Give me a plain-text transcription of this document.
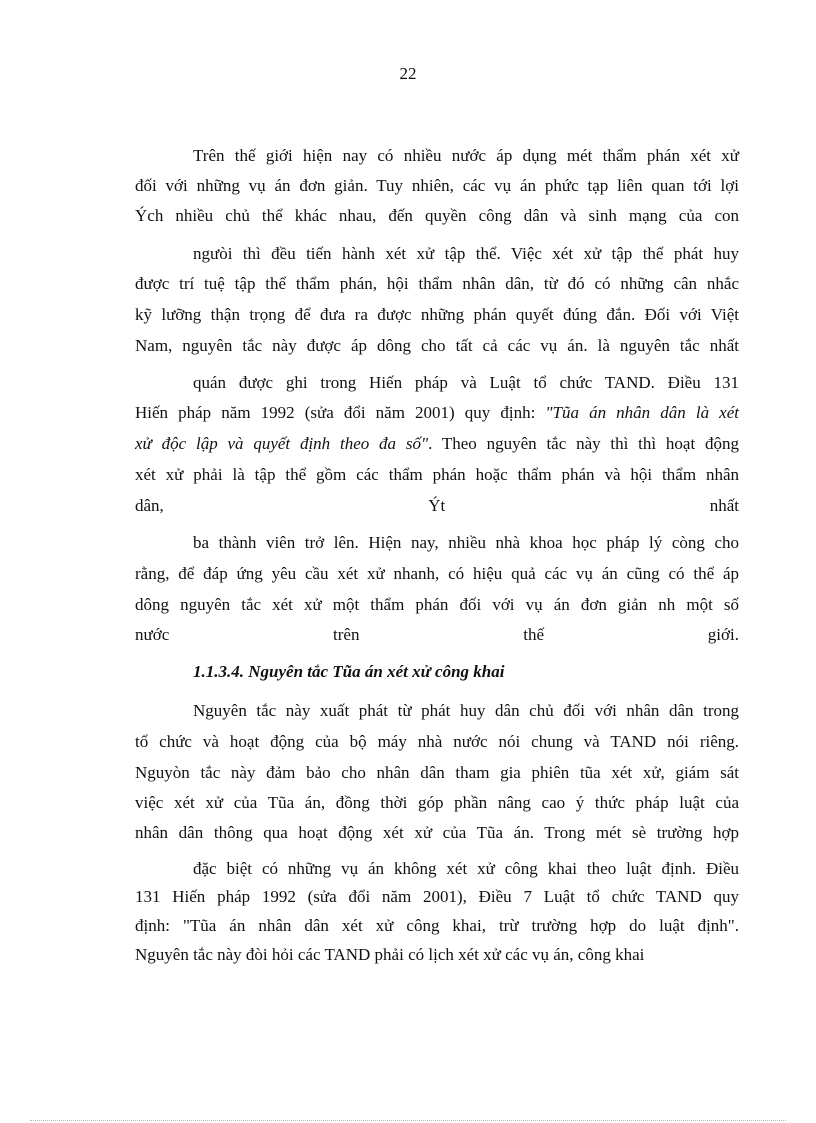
22
Trên thế giới hiện nay có nhiều nước áp dụng mét thẩm phán xét xử
đối với những vụ án đơn giản. Tuy nhiên, các vụ án phức tạp liên quan tới lợi
Ých nhiều chủ thể khác nhau, đến quyền công dân và sinh mạng của con
ngưòi thì đều tiến hành xét xử tập thể. Việc xét xử tập thể phát huy
được trí tuệ tập thể thẩm phán, hội thẩm nhân dân, từ đó có những cân nhắc
kỹ lưỡng thận trọng để đưa ra được những phán quyết đúng đắn. Đối với Việt
Nam, nguyên tắc này được áp dông cho tất cả các vụ án. là nguyên tắc nhất
quán được ghi trong Hiến pháp và Luật tổ chức TAND. Điều 131
Hiến pháp năm 1992 (sửa đổi năm 2001) quy định: "Tũa án nhân dân là xét
xử độc lập và quyết định theo đa số". Theo nguyên tắc này thì thì hoạt động
xét xử phải là tập thể gồm các thẩm phán hoặc thẩm phán và hội thẩm nhân
dân, Ýt nhất
ba thành viên trở lên. Hiện nay, nhiều nhà khoa học pháp lý còng cho
rằng, để đáp ứng yêu cầu xét xử nhanh, có hiệu quả các vụ án cũng có thể áp
dông nguyên tắc xét xử một thẩm phán đối với vụ án đơn giản nh một số
nước trên thế giới.
1.1.3.4. Nguyên tắc Tũa án xét xử công khai
Nguyên tắc này xuất phát từ phát huy dân chủ đối với nhân dân trong
tổ chức và hoạt động của bộ máy nhà nước nói chung và TAND nói riêng.
Nguyòn tắc này đảm bảo cho nhân dân tham gia phiên tũa xét xử, giám sát
việc xét xử của Tũa án, đồng thời góp phần nâng cao ý thức pháp luật của
nhân dân thông qua hoạt động xét xử của Tũa án. Trong mét sè trường hợp
đặc biệt có những vụ án không xét xử công khai theo luật định. Điều
131 Hiến pháp 1992 (sửa đổi năm 2001), Điều 7 Luật tổ chức TAND quy
định: "Tũa án nhân dân xét xử công khai, trừ trường hợp do luật định".
Nguyên tắc này đòi hỏi các TAND phải có lịch xét xử các vụ án, công khai
